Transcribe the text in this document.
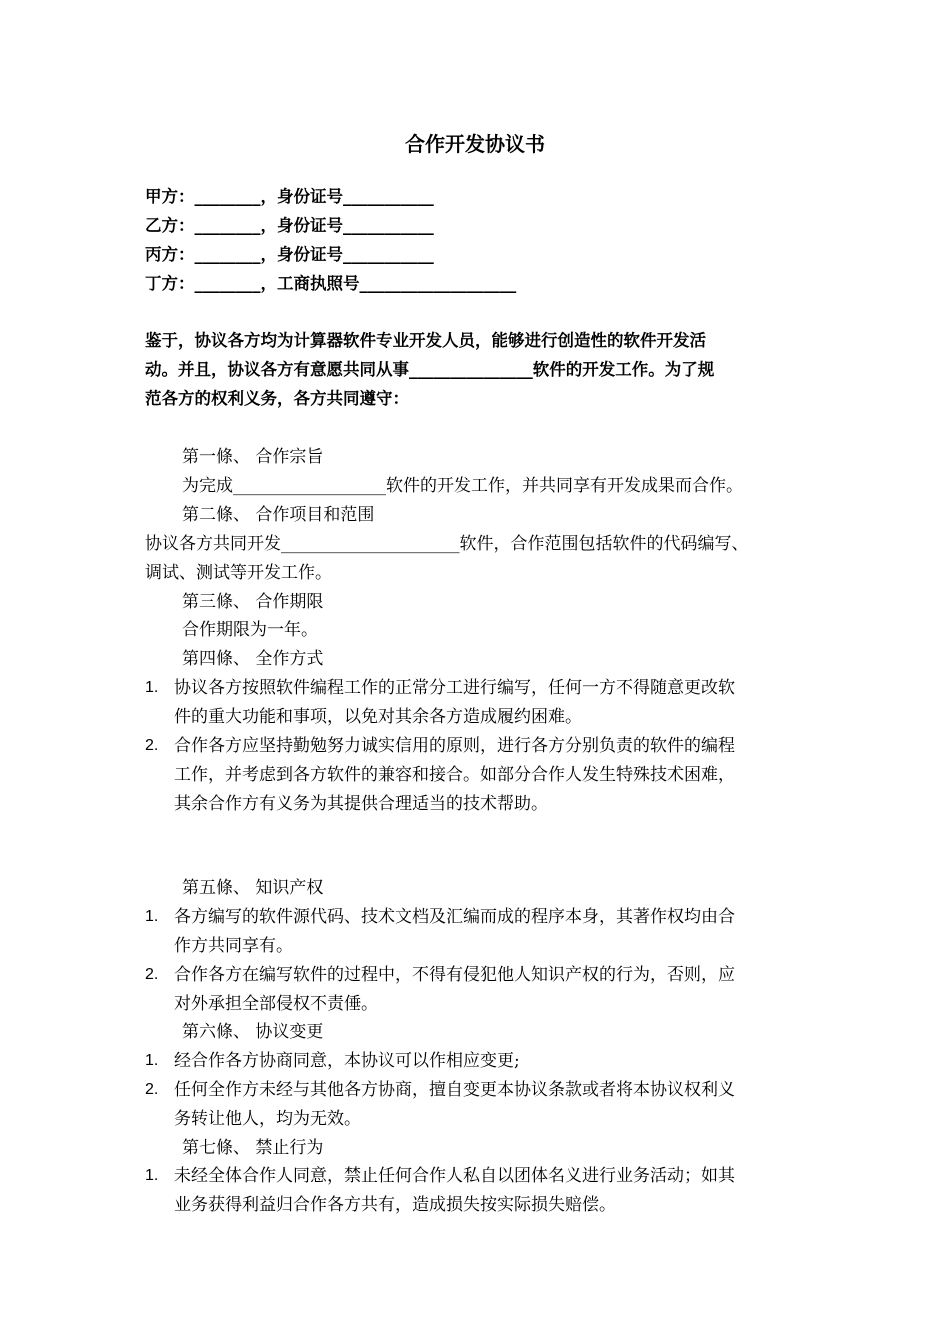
合作开发协议书
甲方：________，身份证号___________
乙方：________，身份证号___________
丙方：________，身份证号___________
丁方：________，工商执照号___________________
鉴于，协议各方均为计算器软件专业开发人员，能够进行创造性的软件开发活
动。并且，协议各方有意愿共同从事_______________软件的开发工作。为了规
范各方的权利义务，各方共同遵守：
第一條、 合作宗旨
为完成__________________软件的开发工作，并共同享有开发成果而合作。
第二條、 合作项目和范围
协议各方共同开发_____________________软件，合作范围包括软件的代码编写、
调试、测试等开发工作。
第三條、 合作期限
合作期限为一年。
第四條、 全作方式
1. 协议各方按照软件编程工作的正常分工进行编写，任何一方不得随意更改软
件的重大功能和事项，以免对其余各方造成履约困难。
2. 合作各方应坚持勤勉努力诚实信用的原则，进行各方分别负责的软件的编程
工作，并考虑到各方软件的兼容和接合。如部分合作人发生特殊技术困难，
其余合作方有义务为其提供合理适当的技术帮助。
第五條、 知识产权
1. 各方编写的软件源代码、技术文档及汇编而成的程序本身，其著作权均由合
作方共同享有。
2. 合作各方在编写软件的过程中，不得有侵犯他人知识产权的行为，否则，应
对外承担全部侵权不责倕。
第六條、 协议变更
1. 经合作各方协商同意，本协议可以作相应变更;
2. 任何全作方未经与其他各方协商，擅自变更本协议条款或者将本协议权利义
务转让他人，均为无效。
第七條、 禁止行为
1. 未经全体合作人同意，禁止任何合作人私自以团体名义进行业务活动；如其
业务获得利益归合作各方共有，造成损失按实际损失赔偿。
